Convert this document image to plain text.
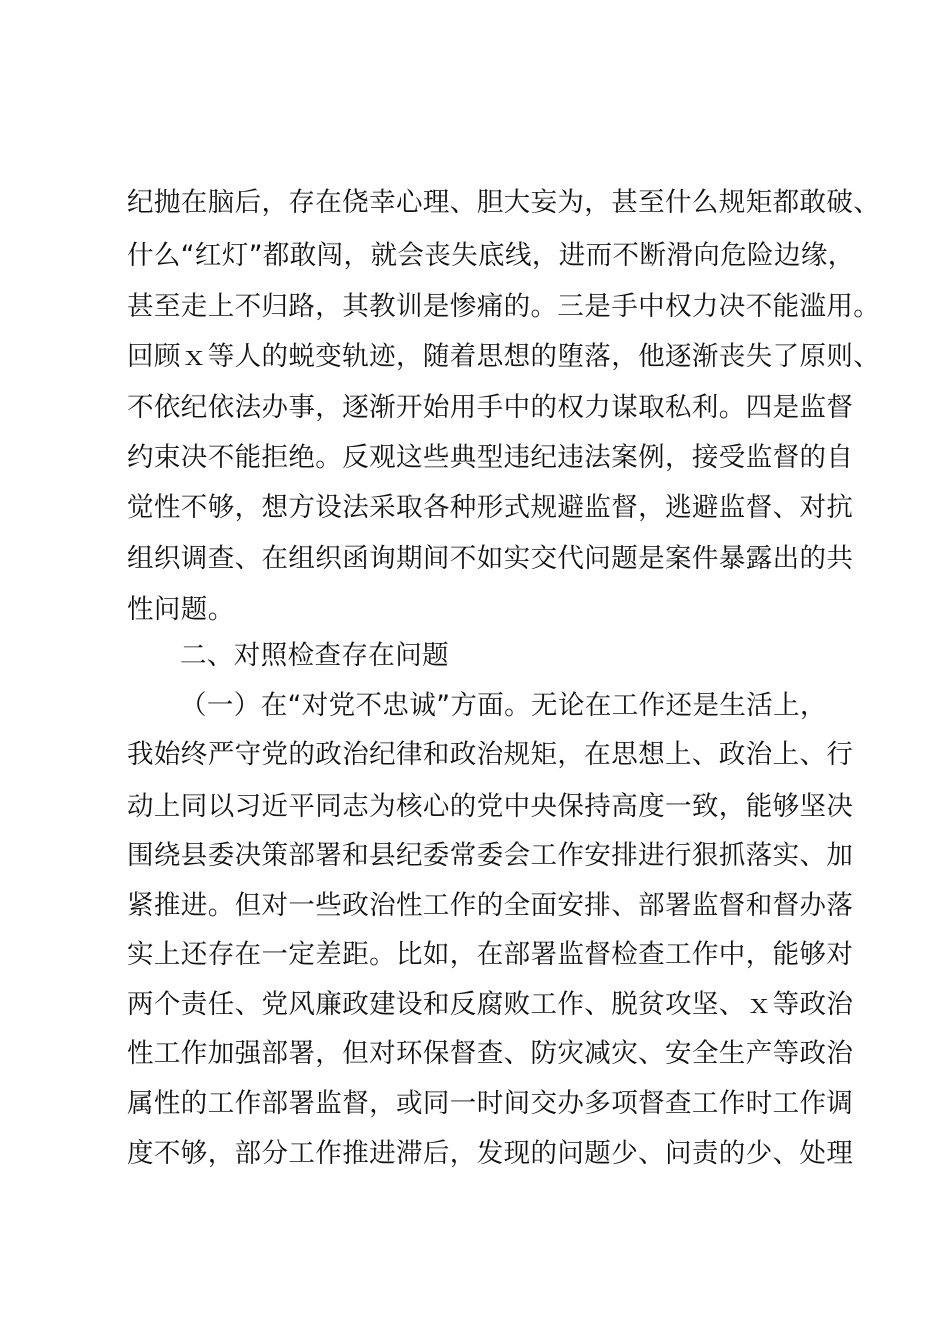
纪抛在脑后，存在侥幸心理、胆大妄为，甚至什么规矩都敢破、
什么“红灯”都敢闯，就会丧失底线，进而不断滑向危险边缘，
甚至走上不归路，其教训是惨痛的。三是手中权力决不能滥用。
回顾ｘ等人的蜕变轨迹，随着思想的堕落，他逐渐丧失了原则、
不依纪依法办事，逐渐开始用手中的权力谋取私利。四是监督
约束决不能拒绝。反观这些典型违纪违法案例，接受监督的自
觉性不够，想方设法采取各种形式规避监督，逃避监督、对抗
组织调查、在组织函询期间不如实交代问题是案件暴露出的共
性问题。
二、对照检查存在问题
（一）在“对党不忠诚”方面。无论在工作还是生活上，
我始终严守党的政治纪律和政治规矩，在思想上、政治上、行
动上同以习近平同志为核心的党中央保持高度一致，能够坚决
围绕县委决策部署和县纪委常委会工作安排进行狠抓落实、加
紧推进。但对一些政治性工作的全面安排、部署监督和督办落
实上还存在一定差距。比如，在部署监督检查工作中，能够对
两个责任、党风廉政建设和反腐败工作、脱贫攻坚、ｘ等政治
性工作加强部署，但对环保督查、防灾减灾、安全生产等政治
属性的工作部署监督，或同一时间交办多项督查工作时工作调
度不够，部分工作推进滞后，发现的问题少、问责的少、处理
